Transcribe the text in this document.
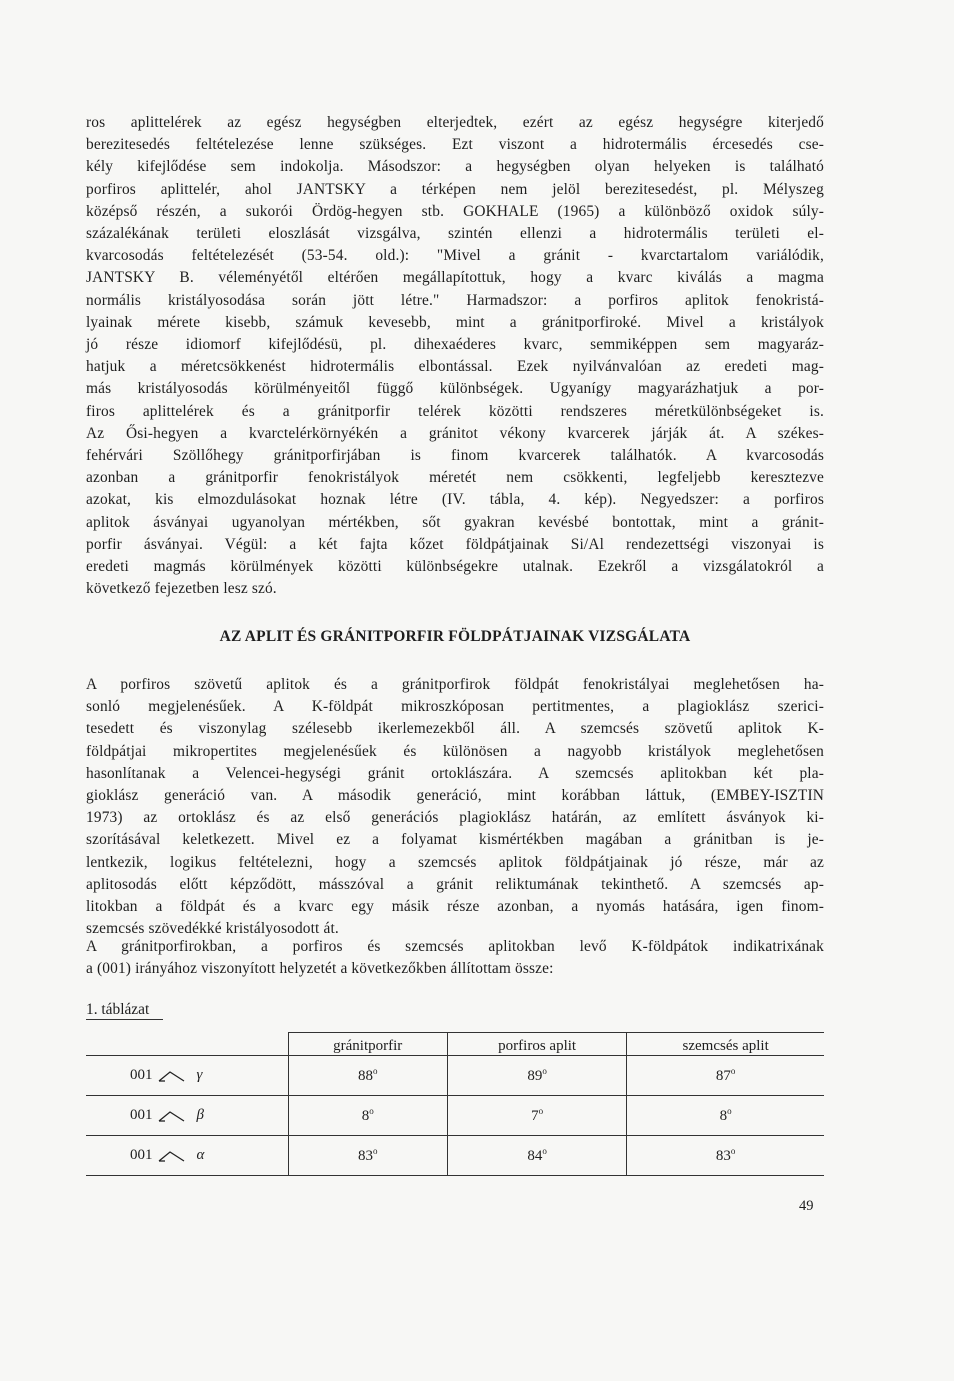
ros aplittelérek az egész hegységben elterjedtek, ezért az egész hegységre kiterjedő
berezitesedés feltételezése lenne szükséges. Ezt viszont a hidrotermális ércesedés cse-
kély kifejlődése sem indokolja. Másodszor: a hegységben olyan helyeken is található
porfiros aplittelér, ahol JANTSKY a térképen nem jelöl berezitesedést, pl. Mélyszeg
középső részén, a sukorói Ördög-hegyen stb. GOKHALE (1965) a különböző oxidok súly-
százalékának területi eloszlását vizsgálva, szintén ellenzi a hidrotermális területi el-
kvarcosodás feltételezését (53-54. old.): "Mivel a gránit - kvarctartalom variálódik,
JANTSKY B. véleményétől eltérően megállapítottuk, hogy a kvarc kiválás a magma
normális kristályosodása során jött létre." Harmadszor: a porfiros aplitok fenokristá-
lyainak mérete kisebb, számuk kevesebb, mint a gránitporfiroké. Mivel a kristályok
jó része idiomorf kifejlődésü, pl. dihexaéderes kvarc, semmiképpen sem magyaráz-
hatjuk a méretcsökkenést hidrotermális elbontással. Ezek nyilvánvalóan az eredeti mag-
más kristályosodás körülményeitől függő különbségek. Ugyanígy magyarázhatjuk a por-
firos aplittelérek és a gránitporfir telérek közötti rendszeres méretkülönbségeket is.
Az Ősi-hegyen a kvarctelérkörnyékén a gránitot vékony kvarcerek járják át. A székes-
fehérvári Szöllőhegy gránitporfirjában is finom kvarcerek találhatók. A kvarcosodás
azonban a gránitporfir fenokristályok méretét nem csökkenti, legfeljebb keresztezve
azokat, kis elmozdulásokat hoznak létre (IV. tábla, 4. kép). Negyedszer: a porfiros
aplitok ásványai ugyanolyan mértékben, sőt gyakran kevésbé bontottak, mint a gránit-
porfir ásványai. Végül: a két fajta kőzet földpátjainak Si/Al rendezettségi viszonyai is
eredeti magmás körülmények közötti különbségekre utalnak. Ezekről a vizsgálatokról a
következő fejezetben lesz szó.

AZ APLIT ÉS GRÁNITPORFIR FÖLDPÁTJAINAK VIZSGÁLATA

A porfiros szövetű aplitok és a gránitporfirok földpát fenokristályai meglehetősen ha-
sonló megjelenésűek. A K-földpát mikroszkóposan pertitmentes, a plagioklász szerici-
tesedett és viszonylag szélesebb ikerlemezekből áll. A szemcsés szövetű aplitok K-
földpátjai mikropertites megjelenésűek és különösen a nagyobb kristályok meglehetősen
hasonlítanak a Velencei-hegységi gránit ortoklászára. A szemcsés aplitokban két pla-
gioklász generáció van. A második generáció, mint korábban láttuk, (EMBEY-ISZTIN
1973) az ortoklász és az első generációs plagioklász határán, az említett ásványok ki-
szorításával keletkezett. Mivel ez a folyamat kismértékben magában a gránitban is je-
lentkezik, logikus feltételezni, hogy a szemcsés aplitok földpátjainak jó része, már az
aplitosodás előtt képződött, másszóval a gránit reliktumának tekinthető. A szemcsés ap-
litokban a földpát és a kvarc egy másik része azonban, a nyomás hatására, igen finom-
szemcsés szövedékké kristályosodott át.

A gránitporfirokban, a porfiros és szemcsés aplitokban levő K-földpátok indikatrixának
a (001) irányához viszonyított helyzetét a következőkben állítottam össze:

1. táblázat
	gránitporfir	porfiros aplit	szemcsés aplit
001 γ	88$^o$	89$^o$	87$^o$
001 β	8$^o$	7$^o$	8$^o$
001 α	83$^o$	84$^o$	83$^o$
49
